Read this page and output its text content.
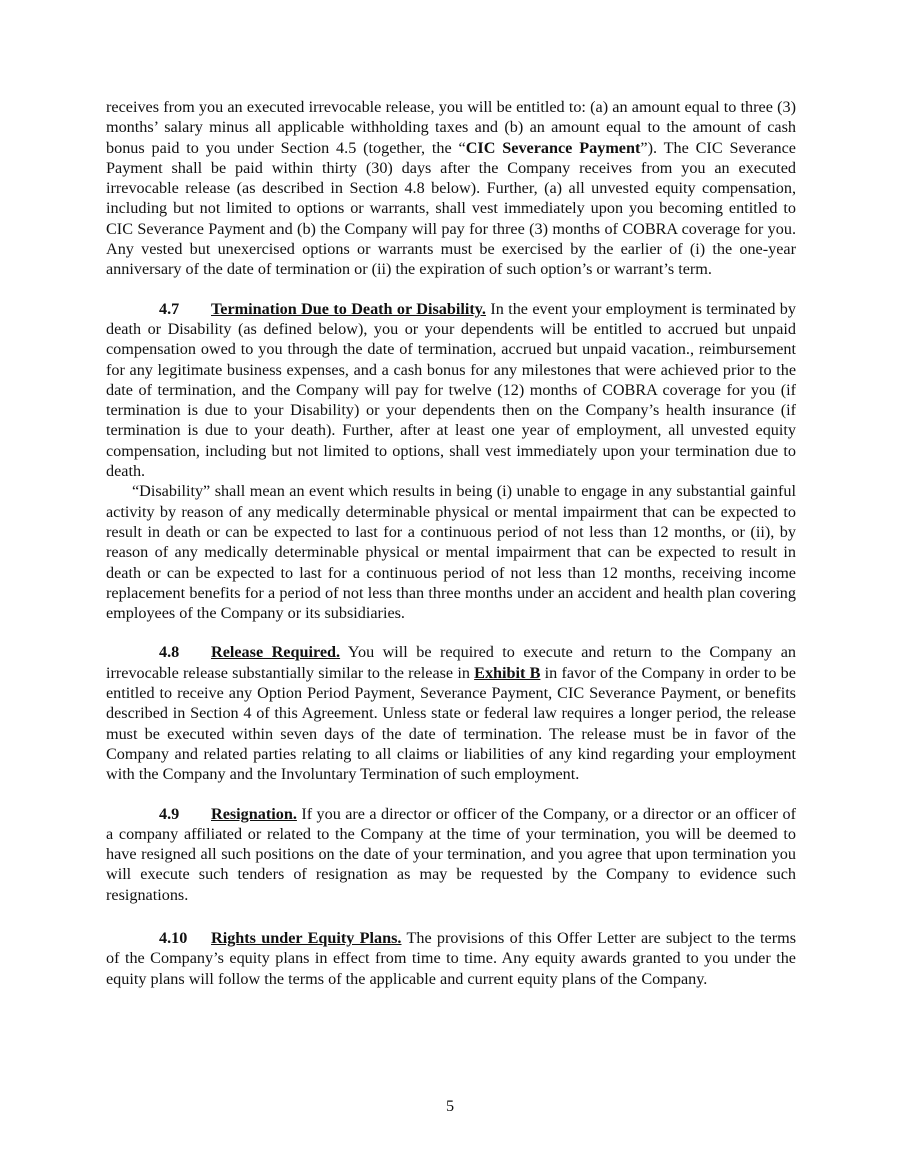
receives from you an executed irrevocable release, you will be entitled to: (a) an amount equal to three (3) months’ salary minus all applicable withholding taxes and (b) an amount equal to the amount of cash bonus paid to you under Section 4.5 (together, the “CIC Severance Payment”). The CIC Severance Payment shall be paid within thirty (30) days after the Company receives from you an executed irrevocable release (as described in Section 4.8 below). Further, (a) all unvested equity compensation, including but not limited to options or warrants, shall vest immediately upon you becoming entitled to CIC Severance Payment and (b) the Company will pay for three (3) months of COBRA coverage for you. Any vested but unexercised options or warrants must be exercised by the earlier of (i) the one-year anniversary of the date of termination or (ii) the expiration of such option’s or warrant’s term.

4.7 Termination Due to Death or Disability. In the event your employment is terminated by death or Disability (as defined below), you or your dependents will be entitled to accrued but unpaid compensation owed to you through the date of termination, accrued but unpaid vacation., reimbursement for any legitimate business expenses, and a cash bonus for any milestones that were achieved prior to the date of termination, and the Company will pay for twelve (12) months of COBRA coverage for you (if termination is due to your Disability) or your dependents then on the Company’s health insurance (if termination is due to your death). Further, after at least one year of employment, all unvested equity compensation, including but not limited to options, shall vest immediately upon your termination due to death.

“Disability” shall mean an event which results in being (i) unable to engage in any substantial gainful activity by reason of any medically determinable physical or mental impairment that can be expected to result in death or can be expected to last for a continuous period of not less than 12 months, or (ii), by reason of any medically determinable physical or mental impairment that can be expected to result in death or can be expected to last for a continuous period of not less than 12 months, receiving income replacement benefits for a period of not less than three months under an accident and health plan covering employees of the Company or its subsidiaries.

4.8 Release Required. You will be required to execute and return to the Company an irrevocable release substantially similar to the release in Exhibit B in favor of the Company in order to be entitled to receive any Option Period Payment, Severance Payment, CIC Severance Payment, or benefits described in Section 4 of this Agreement. Unless state or federal law requires a longer period, the release must be executed within seven days of the date of termination. The release must be in favor of the Company and related parties relating to all claims or liabilities of any kind regarding your employment with the Company and the Involuntary Termination of such employment.

4.9 Resignation. If you are a director or officer of the Company, or a director or an officer of a company affiliated or related to the Company at the time of your termination, you will be deemed to have resigned all such positions on the date of your termination, and you agree that upon termination you will execute such tenders of resignation as may be requested by the Company to evidence such resignations.

4.10 Rights under Equity Plans. The provisions of this Offer Letter are subject to the terms of the Company’s equity plans in effect from time to time. Any equity awards granted to you under the equity plans will follow the terms of the applicable and current equity plans of the Company.

5
